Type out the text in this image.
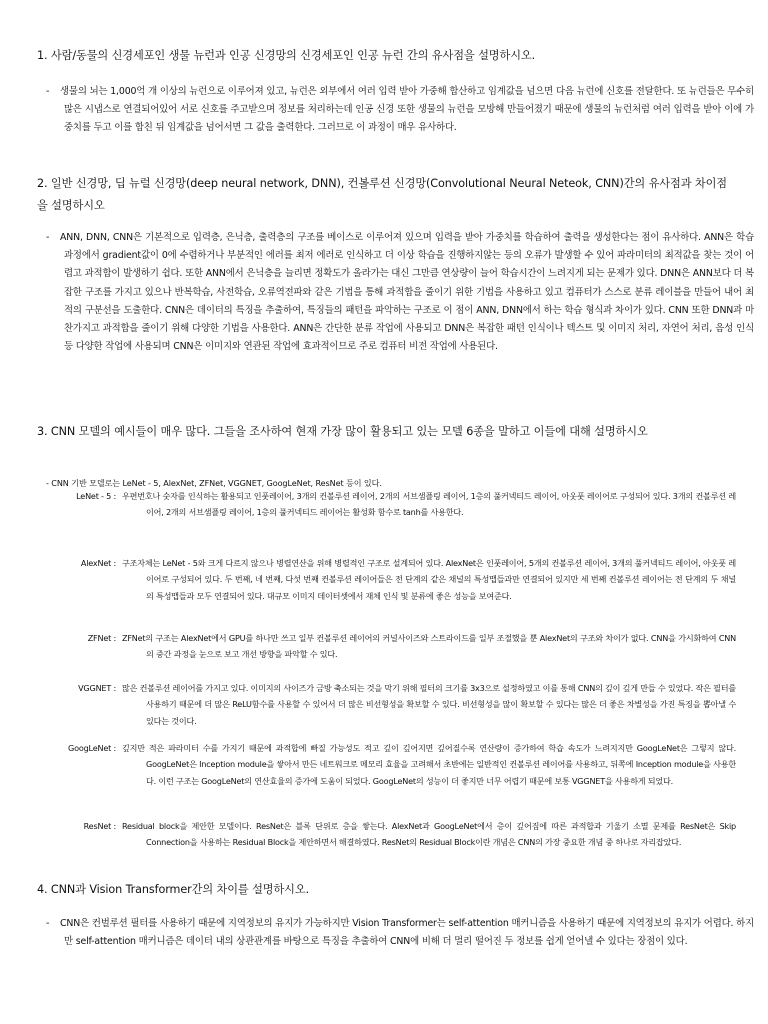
1. 사람/동물의 신경세포인 생물 뉴런과 인공 신경망의 신경세포인 인공 뉴런 간의 유사점을 설명하시오.
- 생물의 뇌는 1,000억 개 이상의 뉴런으로 이루어져 있고, 뉴런은 외부에서 여러 입력 받아 가중해 합산하고 임계값을 넘으면 다음 뉴런에 신호를 전달한다. 또 뉴런들은 무수히 많은 시냅스로 연결되어있어 서로 신호를 주고받으며 정보를 처리하는데 인공 신경 또한 생물의 뉴런을 모방해 만들어졌기 때문에 생물의 뉴런처럼 여러 입력을 받아 이에 가중치를 두고 이를 합친 뒤 임계값을 넘어서면 그 값을 출력한다. 그러므로 이 과정이 매우 유사하다.
2. 일반 신경망, 딥 뉴럴 신경망(deep neural network, DNN), 컨볼루션 신경망(Convolutional Neural Neteok, CNN)간의 유사점과 차이점을 설명하시오
- ANN, DNN, CNN은 기본적으로 입력층, 은닉층, 출력층의 구조를 베이스로 이루어져 있으며 입력을 받아 가중치를 학습하여 출력을 생성한다는 점이 유사하다. ANN은 학습 과정에서 gradient값이 0에 수렴하거나 부분적인 에러를 최저 에러로 인식하고 더 이상 학습을 진행하지않는 등의 오류가 발생할 수 있어 파라미터의 최적값을 찾는 것이 어렵고 과적합이 발생하기 쉽다. 또한 ANN에서 은닉층을 늘리면 정확도가 올라가는 대신 그만큼 연상량이 늘어 학습시간이 느려지게 되는 문제가 있다. DNN은 ANN보다 더 복잡한 구조를 가지고 있으나 반복학습, 사전학습, 오류역전파와 같은 기법을 통해 과적합을 줄이기 위한 기법을 사용하고 있고 컴퓨터가 스스로 분류 레이블을 만들어 내어 최적의 구분선을 도출한다. CNN은 데이터의 특징을 추출하여, 특징들의 패턴을 파악하는 구조로 이 점이 ANN, DNN에서 하는 학습 형식과 차이가 있다. CNN 또한 DNN과 마찬가지고 과적합을 줄이기 위해 다양한 기법을 사용한다. ANN은 간단한 분류 작업에 사용되고 DNN은 복잡한 패턴 인식이나 텍스트 및 이미지 처리, 자연어 처리, 음성 인식등 다양한 작업에 사용되며 CNN은 이미지와 연관된 작업에 효과적이므로 주로 컴퓨터 비전 작업에 사용된다.
3. CNN 모델의 예시들이 매우 많다. 그들을 조사하여 현재 가장 많이 활용되고 있는 모델 6종을 말하고 이들에 대해 설명하시오
- CNN 기반 모델로는 LeNet - 5, AlexNet, ZFNet, VGGNET, GoogLeNet, ResNet 등이 있다.
LeNet - 5 : 우편번호나 숫자를 인식하는 활용되고 인풋레이어, 3개의 컨볼루션 레이어, 2개의 서브샘플링 레이어, 1층의 풀커넥티드 레이어, 아웃풋 레이어로 구성되어 있다. 3개의 컨볼루션 레이어, 2개의 서브샘플링 레이어, 1층의 풀커넥티드 레이어는 활성화 함수로 tanh를 사용한다.
AlexNet : 구조자체는 LeNet - 5와 크게 다르지 않으나 병렬연산을 위해 병렬적인 구조로 설계되어 있다. AlexNet은 인풋레이어, 5개의 컨볼루션 레이어, 3개의 풀커넥티드 레이어, 아웃풋 레이어로 구성되어 있다. 두 번째, 네 번째, 다섯 번째 컨볼루션 레이어들은 전 단계의 같은 채널의 특성맵들과만 연결되어 있지만 세 번째 컨볼루션 레이어는 전 단계의 두 채널의 특성맵들과 모두 연결되어 있다. 대규모 이미지 데이터셋에서 재체 인식 및 분류에 좋은 성능을 보여준다.
ZFNet : ZFNet의 구조는 AlexNet에서 GPU를 하나만 쓰고 일부 컨볼루션 레이어의 커널사이즈와 스트라이드를 일부 조절했을 뿐 AlexNet의 구조와 차이가 없다. CNN을 가시화하여 CNN의 중간 과정을 눈으로 보고 개선 방향을 파악할 수 있다.
VGGNET : 많은 컨볼루션 레이어를 가지고 있다. 이미지의 사이즈가 금방 축소되는 것을 막기 위해 필터의 크기를 3x3으로 설정하였고 이를 통해 CNN의 깊이 깊게 만들 수 있었다. 작은 필터를 사용하기 때문에 더 많은 ReLU함수를 사용할 수 있어서 더 많은 비선형성을 확보할 수 있다. 비선형성을 많이 확보할 수 있다는 많은 더 좋은 차별성을 가진 특징을 뽑아낼 수 있다는 것이다.
GoogLeNet : 깊지만 적은 파라미터 수를 가지기 때문에 과적합에 빠질 가능성도 적고 깊이 깊어지면 깊어질수록 연산량이 증가하여 학습 속도가 느려지지만 GoogLeNet은 그렇지 않다. GoogLeNet은 Inception module을 쌓아서 만든 네트워크로 메모리 효율을 고려해서 초반에는 일반적인 컨볼루션 레이어를 사용하고, 뒤쪽에 Inception module을 사용한다. 이런 구조는 GoogLeNet의 연산효율의 증가에 도움이 되었다. GoogLeNet의 성능이 더 좋지만 너무 어렵기 때문에 보통 VGGNET을 사용하게 되었다.
ResNet : Residual block을 제안한 모델이다. ResNet은 블록 단위로 층을 쌓는다. AlexNet과 GoogLeNet에서 층이 깊어짐에 따른 과적합과 기울기 소멸 문제를 ResNet은 Skip Connection을 사용하는 Residual Block을 제안하면서 해결하였다. ResNet의 Residual Block이란 개념은 CNN의 가장 중요한 개념 중 하나로 자리잡았다.
4. CNN과 Vision Transformer간의 차이를 설명하시오.
- CNN은 컨벌루션 필터를 사용하기 때문에 지역정보의 유지가 가능하지만 Vision Transformer는 self-attention 매커니즘을 사용하기 때문에 지역정보의 유지가 어렵다. 하지만 self-attention 매커니즘은 데이터 내의 상관관계를 바탕으로 특징을 추출하여 CNN에 비해 더 멀리 떨어진 두 정보를 쉽게 얻어낼 수 있다는 장점이 있다.
